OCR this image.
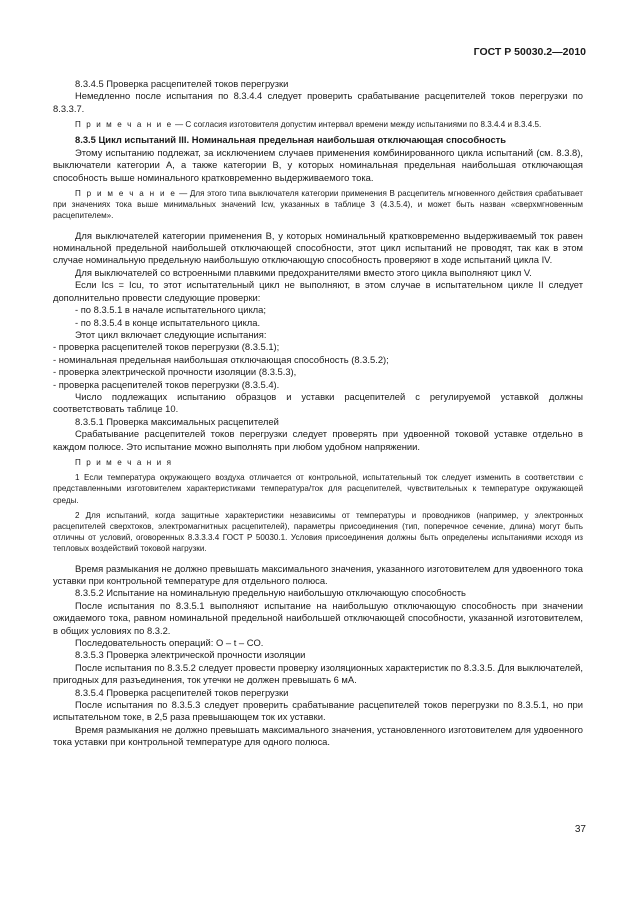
ГОСТ Р 50030.2—2010

8.3.4.5 Проверка расцепителей токов перегрузки

Немедленно после испытания по 8.3.4.4 следует проверить срабатывание расцепителей токов перегрузки по 8.3.3.7.

П р и м е ч а н и е — С согласия изготовителя допустим интервал времени между испытаниями по 8.3.4.4 и 8.3.4.5.

8.3.5 Цикл испытаний III. Номинальная предельная наибольшая отключающая способность

Этому испытанию подлежат, за исключением случаев применения комбинированного цикла испытаний (см. 8.3.8), выключатели категории А, а также категории В, у которых номинальная предельная наибольшая отключающая способность выше номинального кратковременно выдерживаемого тока.

П р и м е ч а н и е — Для этого типа выключателя категории применения В расцепитель мгновенного действия срабатывает при значениях тока выше минимальных значений Icw, указанных в таблице 3 (4.3.5.4), и может быть назван «сверхмгновенным расцепителем».

Для выключателей категории применения В, у которых номинальный кратковременно выдерживаемый ток равен номинальной предельной наибольшей отключающей способности, этот цикл испытаний не проводят, так как в этом случае номинальную предельную наибольшую отключающую способность проверяют в ходе испытаний цикла IV.

Для выключателей со встроенными плавкими предохранителями вместо этого цикла выполняют цикл V.

Если Ics = Icu, то этот испытательный цикл не выполняют, в этом случае в испытательном цикле II следует дополнительно провести следующие проверки:

- по 8.3.5.1 в начале испытательного цикла;

- по 8.3.5.4 в конце испытательного цикла.

Этот цикл включает следующие испытания:

- проверка расцепителей токов перегрузки (8.3.5.1);

- номинальная предельная наибольшая отключающая способность (8.3.5.2);

- проверка электрической прочности изоляции (8.3.5.3),

- проверка расцепителей токов перегрузки (8.3.5.4).

Число подлежащих испытанию образцов и уставки расцепителей с регулируемой уставкой должны соответствовать таблице 10.

8.3.5.1 Проверка максимальных расцепителей

Срабатывание расцепителей токов перегрузки следует проверять при удвоенной токовой уставке отдельно в каждом полюсе. Это испытание можно выполнять при любом удобном напряжении.

П р и м е ч а н и я

1 Если температура окружающего воздуха отличается от контрольной, испытательный ток следует изменить в соответствии с представленными изготовителем характеристиками температура/ток для расцепителей, чувствительных к температуре окружающей среды.

2 Для испытаний, когда защитные характеристики независимы от температуры и проводников (например, у электронных расцепителей сверхтоков, электромагнитных расцепителей), параметры присоединения (тип, поперечное сечение, длина) могут быть отличны от условий, оговоренных 8.3.3.3.4 ГОСТ Р 50030.1. Условия присоединения должны быть определены испытаниями исходя из тепловых воздействий токовой нагрузки.

Время размыкания не должно превышать максимального значения, указанного изготовителем для удвоенного тока уставки при контрольной температуре для отдельного полюса.

8.3.5.2 Испытание на номинальную предельную наибольшую отключающую способность

После испытания по 8.3.5.1 выполняют испытание на наибольшую отключающую способность при значении ожидаемого тока, равном номинальной предельной наибольшей отключающей способности, указанной изготовителем, в общих условиях по 8.3.2.

Последовательность операций: O – t – CO.

8.3.5.3 Проверка электрической прочности изоляции

После испытания по 8.3.5.2 следует провести проверку изоляционных характеристик по 8.3.3.5. Для выключателей, пригодных для разъединения, ток утечки не должен превышать 6 мА.

8.3.5.4 Проверка расцепителей токов перегрузки

После испытания по 8.3.5.3 следует проверить срабатывание расцепителей токов перегрузки по 8.3.5.1, но при испытательном токе, в 2,5 раза превышающем ток их уставки.

Время размыкания не должно превышать максимального значения, установленного изготовителем для удвоенного тока уставки при контрольной температуре для одного полюса.

37
